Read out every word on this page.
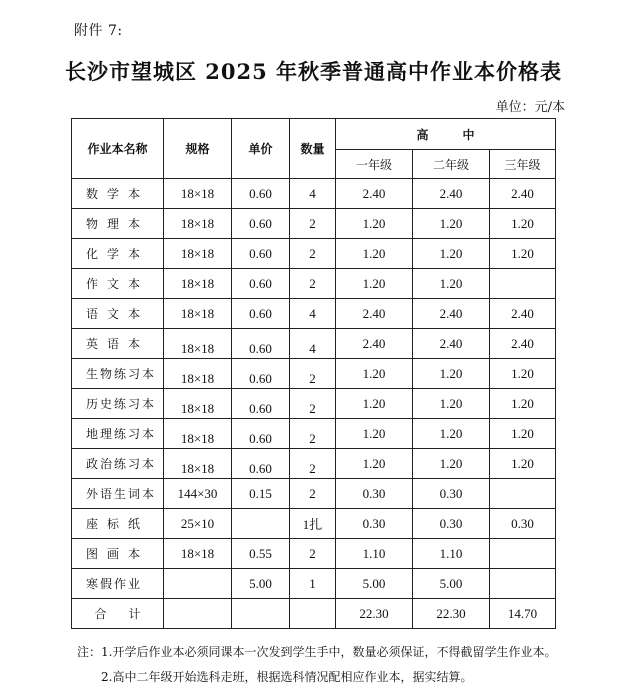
附件 7:
长沙市望城区 2025 年秋季普通高中作业本价格表
单位：元/本
作业本名称	规格	单价	数量	高中		
				一年级	二年级	三年级
数学本	18×18	0.60	4	2.40	2.40	2.40
物理本	18×18	0.60	2	1.20	1.20	1.20
化学本	18×18	0.60	2	1.20	1.20	1.20
作文本	18×18	0.60	2	1.20	1.20	
语文本	18×18	0.60	4	2.40	2.40	2.40
英语本	18×18	0.60	4	2.40	2.40	2.40
生物练习本	18×18	0.60	2	1.20	1.20	1.20
历史练习本	18×18	0.60	2	1.20	1.20	1.20
地理练习本	18×18	0.60	2	1.20	1.20	1.20
政治练习本	18×18	0.60	2	1.20	1.20	1.20
外语生词本	144×30	0.15	2	0.30	0.30	
座标纸	25×10		1扎	0.30	0.30	0.30
图画本	18×18	0.55	2	1.10	1.10	
寒假作业		5.00	1	5.00	5.00	
合计				22.30	22.30	14.70
注：1.开学后作业本必须同课本一次发到学生手中，数量必须保证，不得截留学生作业本。
2.高中二年级开始选科走班，根据选科情况配相应作业本，据实结算。
